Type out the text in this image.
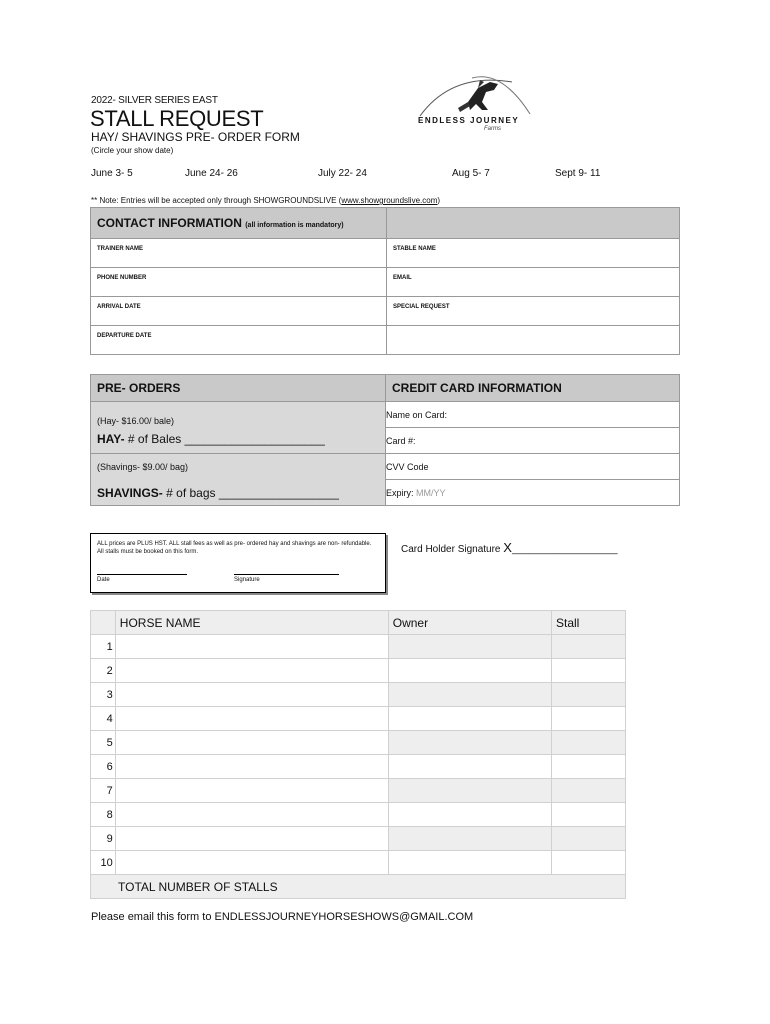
2022- SILVER SERIES EAST
STALL REQUEST
HAY/ SHAVINGS PRE- ORDER FORM
(Circle your show date)
ENDLESS JOURNEY
Farms
June 3- 5	June 24- 26	July 22- 24	Aug 5- 7	Sept 9- 11
** Note: Entries will be accepted only through SHOWGROUNDSLIVE (www.showgroundslive.com)
CONTACT INFORMATION (all information is mandatory)	

TRAINER NAME	STABLE NAME

PHONE NUMBER	EMAIL

ARRIVAL DATE	SPECIAL REQUEST

DEPARTURE DATE	

PRE- ORDERS	CREDIT CARD INFORMATION

(Hay- $16.00/ bale)
HAY- # of Bales _____________________	Name on Card:
	Card #:

(Shavings- $9.00/ bag)
SHAVINGS- # of bags __________________	CVV Code
	Expiry: MM/YY
ALL prices are PLUS HST. ALL stall fees as well as pre- ordered hay and shavings are non- refundable. All stalls must be booked on this form.
Date	Signature
Card Holder Signature X___________________
	HORSE NAME	Owner	Stall
1			
2			
3			
4			
5			
6			
7			
8			
9			
10			
TOTAL NUMBER OF STALLS			
Please email this form to ENDLESSJOURNEYHORSESHOWS@GMAIL.COM
